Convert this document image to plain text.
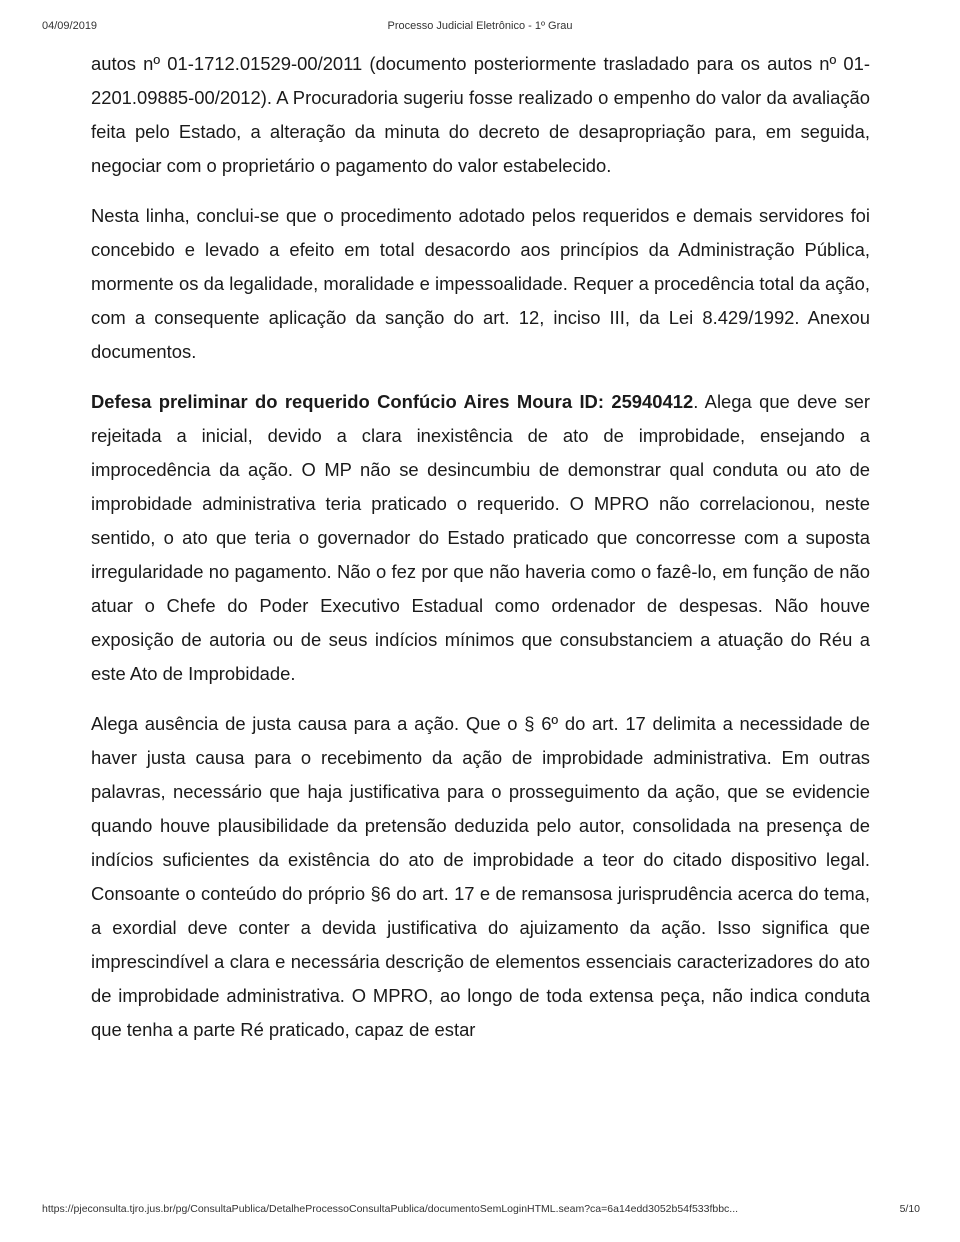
04/09/2019	Processo Judicial Eletrônico - 1º Grau

autos nº 01-1712.01529-00/2011 (documento posteriormente trasladado para os autos nº 01-2201.09885-00/2012). A Procuradoria sugeriu fosse realizado o empenho do valor da avaliação feita pelo Estado, a alteração da minuta do decreto de desapropriação para, em seguida, negociar com o proprietário o pagamento do valor estabelecido.

Nesta linha, conclui-se que o procedimento adotado pelos requeridos e demais servidores foi concebido e levado a efeito em total desacordo aos princípios da Administração Pública, mormente os da legalidade, moralidade e impessoalidade. Requer a procedência total da ação, com a consequente aplicação da sanção do art. 12, inciso III, da Lei 8.429/1992. Anexou documentos.

Defesa preliminar do requerido Confúcio Aires Moura ID: 25940412. Alega que deve ser rejeitada a inicial, devido a clara inexistência de ato de improbidade, ensejando a improcedência da ação. O MP não se desincumbiu de demonstrar qual conduta ou ato de improbidade administrativa teria praticado o requerido. O MPRO não correlacionou, neste sentido, o ato que teria o governador do Estado praticado que concorresse com a suposta irregularidade no pagamento. Não o fez por que não haveria como o fazê-lo, em função de não atuar o Chefe do Poder Executivo Estadual como ordenador de despesas. Não houve exposição de autoria ou de seus indícios mínimos que consubstanciem a atuação do Réu a este Ato de Improbidade.

Alega ausência de justa causa para a ação. Que o § 6º do art. 17 delimita a necessidade de haver justa causa para o recebimento da ação de improbidade administrativa. Em outras palavras, necessário que haja justificativa para o prosseguimento da ação, que se evidencie quando houve plausibilidade da pretensão deduzida pelo autor, consolidada na presença de indícios suficientes da existência do ato de improbidade a teor do citado dispositivo legal. Consoante o conteúdo do próprio §6 do art. 17 e de remansosa jurisprudência acerca do tema, a exordial deve conter a devida justificativa do ajuizamento da ação. Isso significa que imprescindível a clara e necessária descrição de elementos essenciais caracterizadores do ato de improbidade administrativa. O MPRO, ao longo de toda extensa peça, não indica conduta que tenha a parte Ré praticado, capaz de estar

https://pjeconsulta.tjro.jus.br/pg/ConsultaPublica/DetalheProcessoConsultaPublica/documentoSemLoginHTML.seam?ca=6a14edd3052b54f533fbbc...	5/10
